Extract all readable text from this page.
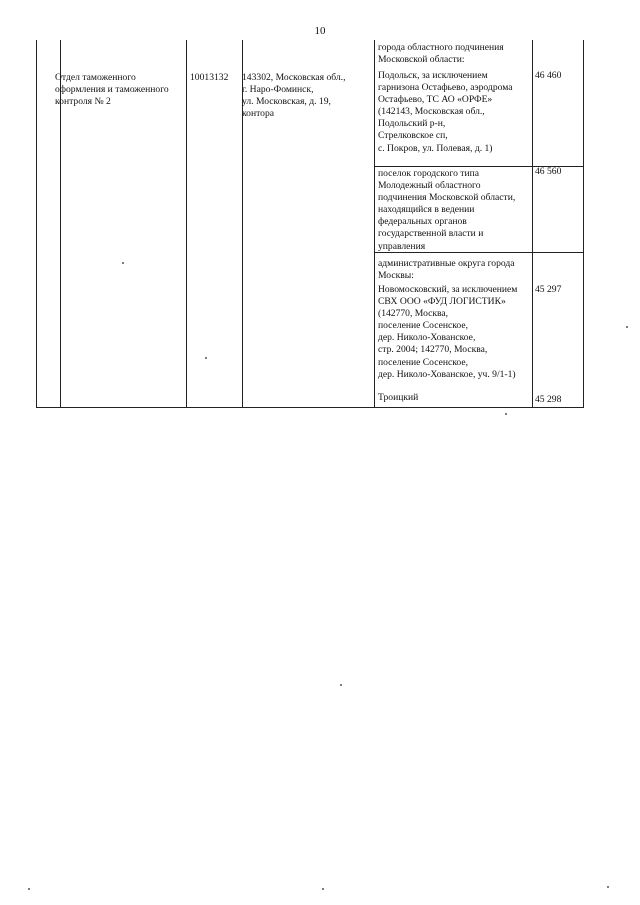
10
Отдел таможенного
оформления и таможенного
контроля № 2
10013132	143302, Московская обл.,
г. Наро-Фоминск,
ул. Московская, д. 19,
контора
города областного подчинения
Московской области:
Подольск, за исключением
гарнизона Остафьево, аэродрома
Остафьево, ТС АО «ОРФЕ»
(142143, Московская обл.,
Подольский р-н,
Стрелковское сп,
с. Покров, ул. Полевая, д. 1)
поселок городского типа
Молодежный областного
подчинения Московской области,
находящийся в ведении
федеральных органов
государственной власти и
управления
административные округа города
Москвы:
Новомосковский, за исключением
СВХ ООО «ФУД ЛОГИСТИК»
(142770, Москва,
поселение Сосенское,
дер. Николо-Хованское,
стр. 2004; 142770, Москва,
поселение Сосенское,
дер. Николо-Хованское, уч. 9/1-1)
Троицкий
46 460
46 560
45 297
45 298
